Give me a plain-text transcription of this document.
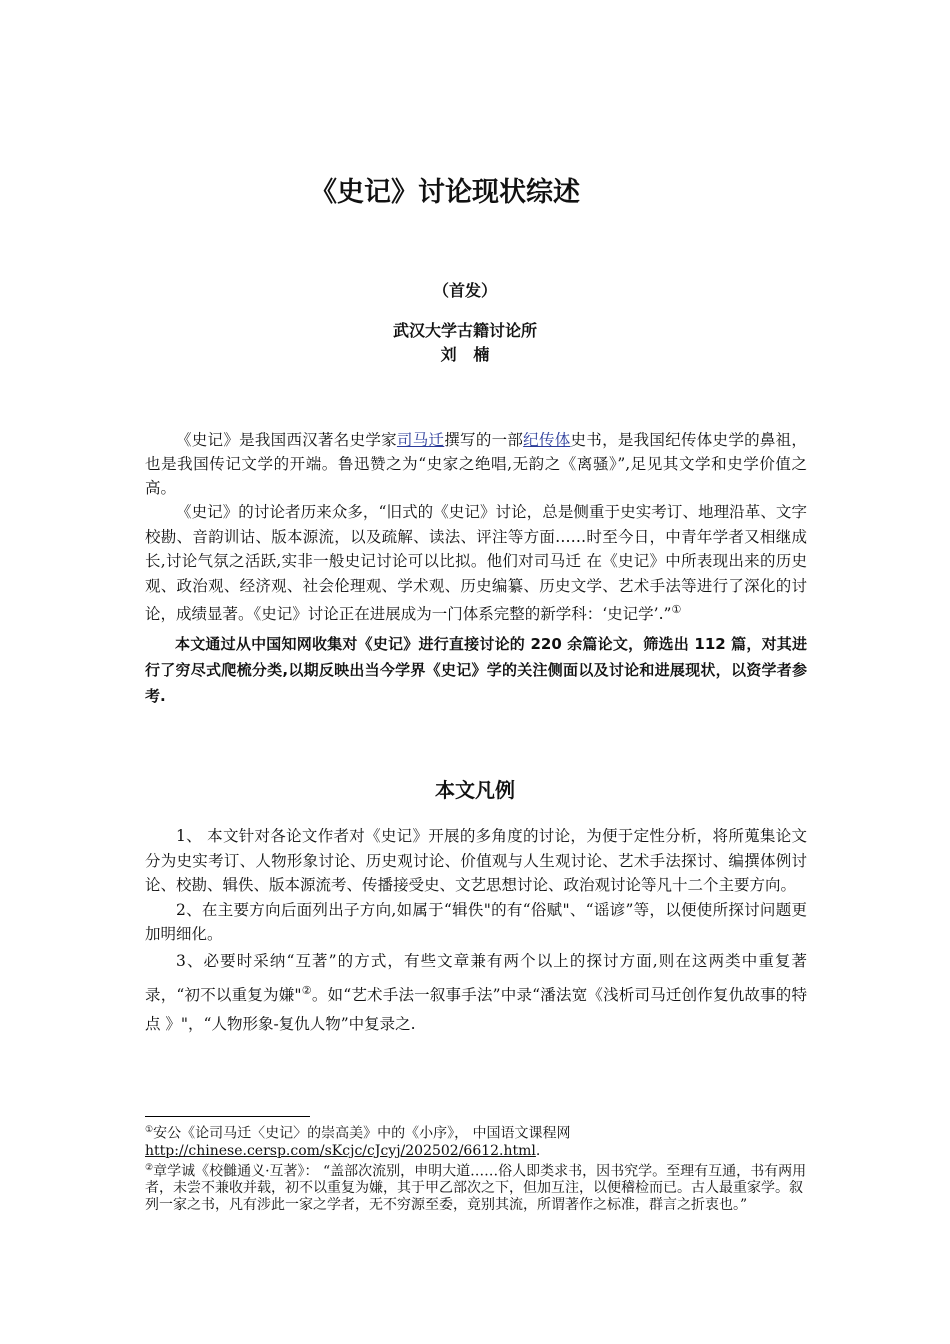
《史记》讨论现状综述
（首发）
武汉大学古籍讨论所
刘   楠

《史记》是我国西汉著名史学家司马迁撰写的一部纪传体史书，是我国纪传体史学的鼻祖，也是我国传记文学的开端。鲁迅赞之为“史家之绝唱,无韵之《离骚》”,足见其文学和史学价值之高。

《史记》的讨论者历来众多，“旧式的《史记》讨论，总是侧重于史实考订、地理沿革、文字校勘、音韵训诂、版本源流，以及疏解、读法、评注等方面……时至今日，中青年学者又相继成长,讨论气氛之活跃,实非一般史记讨论可以比拟。他们对司马迁 在《史记》中所表现出来的历史观、政治观、经济观、社会伦理观、学术观、历史编纂、历史文学、艺术手法等进行了深化的讨论，成绩显著。《史记》讨论正在进展成为一门体系完整的新学科：‘史记学’.”①

本文通过从中国知网收集对《史记》进行直接讨论的 220 余篇论文，筛选出 112 篇，对其进行了穷尽式爬梳分类,以期反映出当今学界《史记》学的关注侧面以及讨论和进展现状，以资学者参考.

本文凡例

1、 本文针对各论文作者对《史记》开展的多角度的讨论，为便于定性分析，将所蒐集论文分为史实考订、人物形象讨论、历史观讨论、价值观与人生观讨论、艺术手法探讨、编撰体例讨论、校勘、辑佚、版本源流考、传播接受史、文艺思想讨论、政治观讨论等凡十二个主要方向。

2、在主要方向后面列出子方向,如属于“辑佚"的有“俗赋"、“谣谚”等，以便使所探讨问题更加明细化。

3、必要时采纳“互著”的方式，有些文章兼有两个以上的探讨方面,则在这两类中重复著录，“初不以重复为嫌"②。如“艺术手法一叙事手法”中录“潘法宽《浅析司马迁创作复仇故事的特点 》"，“人物形象-复仇人物”中复录之.

①安公《论司马迁〈史记〉的崇高美》中的《小序》， 中国语文课程网 http://chinese.cersp.com/sKcjc/cJcyj/202502/6612.html.

②章学诚《校雠通义·互著》： “盖部次流别，申明大道……俗人即类求书，因书究学。至理有互通，书有两用者，未尝不兼收并载，初不以重复为嫌，其于甲乙部次之下，但加互注，以便稽检而已。古人最重家学。叙列一家之书，凡有涉此一家之学者，无不穷源至委，竟别其流，所谓著作之标准，群言之折衷也。”
